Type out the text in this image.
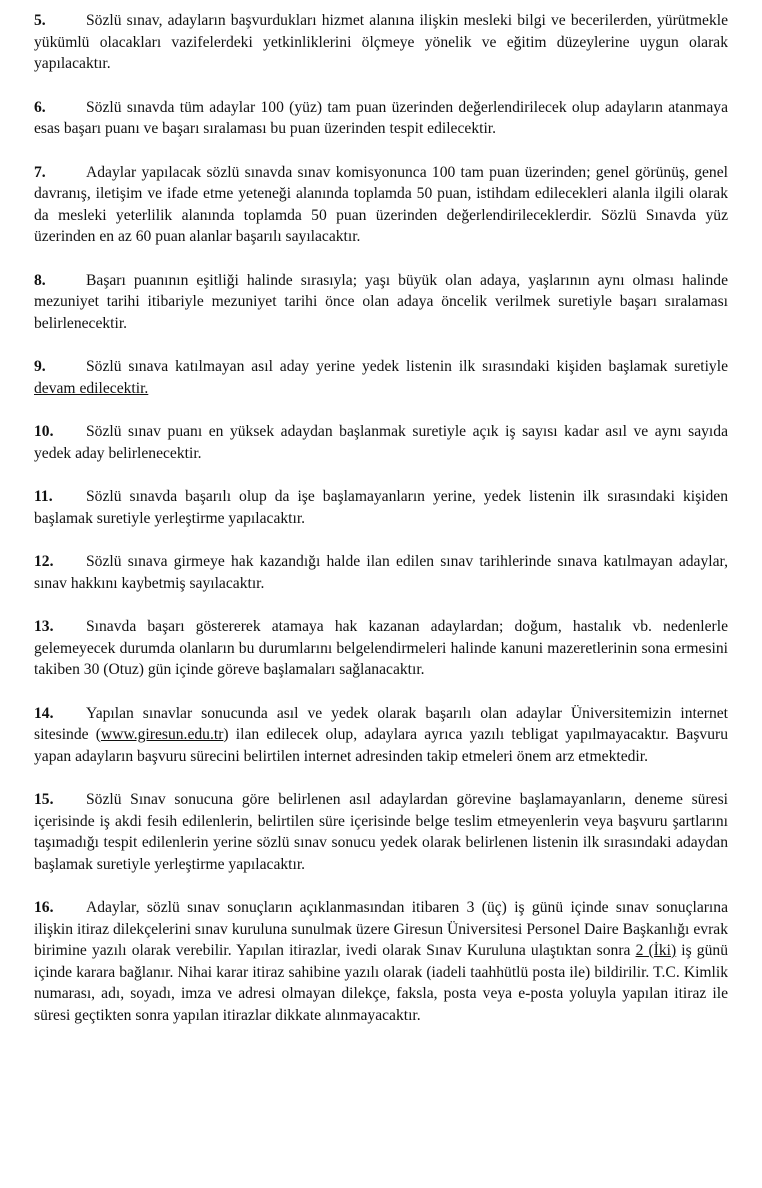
5.	Sözlü sınav, adayların başvurdukları hizmet alanına ilişkin mesleki bilgi ve becerilerden, yürütmekle yükümlü olacakları vazifelerdeki yetkinliklerini ölçmeye yönelik ve eğitim düzeylerine uygun olarak yapılacaktır.

6.	Sözlü sınavda tüm adaylar 100 (yüz) tam puan üzerinden değerlendirilecek olup adayların atanmaya esas başarı puanı ve başarı sıralaması bu puan üzerinden tespit edilecektir.

7.	Adaylar yapılacak sözlü sınavda sınav komisyonunca 100 tam puan üzerinden; genel görünüş, genel davranış, iletişim ve ifade etme yeteneği alanında toplamda 50 puan, istihdam edilecekleri alanla ilgili olarak da mesleki yeterlilik alanında toplamda 50 puan üzerinden değerlendirileceklerdir. Sözlü Sınavda yüz üzerinden en az 60 puan alanlar başarılı sayılacaktır.

8.	Başarı puanının eşitliği halinde sırasıyla; yaşı büyük olan adaya, yaşlarının aynı olması halinde mezuniyet tarihi itibariyle mezuniyet tarihi önce olan adaya öncelik verilmek suretiyle başarı sıralaması belirlenecektir.

9.	Sözlü sınava katılmayan asıl aday yerine yedek listenin ilk sırasındaki kişiden başlamak suretiyle devam edilecektir.

10. Sözlü sınav puanı en yüksek adaydan başlanmak suretiyle açık iş sayısı kadar asıl ve aynı sayıda yedek aday belirlenecektir.

11. Sözlü sınavda başarılı olup da işe başlamayanların yerine, yedek listenin ilk sırasındaki kişiden başlamak suretiyle yerleştirme yapılacaktır.

12. Sözlü sınava girmeye hak kazandığı halde ilan edilen sınav tarihlerinde sınava katılmayan adaylar, sınav hakkını kaybetmiş sayılacaktır.

13. Sınavda başarı göstererek atamaya hak kazanan adaylardan; doğum, hastalık vb. nedenlerle gelemeyecek durumda olanların bu durumlarını belgelendirmeleri halinde kanuni mazeretlerinin sona ermesini takiben 30 (Otuz) gün içinde göreve başlamaları sağlanacaktır.

14. Yapılan sınavlar sonucunda asıl ve yedek olarak başarılı olan adaylar Üniversitemizin internet sitesinde (www.giresun.edu.tr) ilan edilecek olup, adaylara ayrıca yazılı tebligat yapılmayacaktır. Başvuru yapan adayların başvuru sürecini belirtilen internet adresinden takip etmeleri önem arz etmektedir.

15. Sözlü Sınav sonucuna göre belirlenen asıl adaylardan görevine başlamayanların, deneme süresi içerisinde iş akdi fesih edilenlerin, belirtilen süre içerisinde belge teslim etmeyenlerin veya başvuru şartlarını taşımadığı tespit edilenlerin yerine sözlü sınav sonucu yedek olarak belirlenen listenin ilk sırasındaki adaydan başlamak suretiyle yerleştirme yapılacaktır.

16. Adaylar, sözlü sınav sonuçların açıklanmasından itibaren 3 (üç) iş günü içinde sınav sonuçlarına ilişkin itiraz dilekçelerini sınav kuruluna sunulmak üzere Giresun Üniversitesi Personel Daire Başkanlığı evrak birimine yazılı olarak verebilir. Yapılan itirazlar, ivedi olarak Sınav Kuruluna ulaştıktan sonra 2 (İki) iş günü içinde karara bağlanır. Nihai karar itiraz sahibine yazılı olarak (iadeli taahhütlü posta ile) bildirilir. T.C. Kimlik numarası, adı, soyadı, imza ve adresi olmayan dilekçe, faksla, posta veya e-posta yoluyla yapılan itiraz ile süresi geçtikten sonra yapılan itirazlar dikkate alınmayacaktır.
